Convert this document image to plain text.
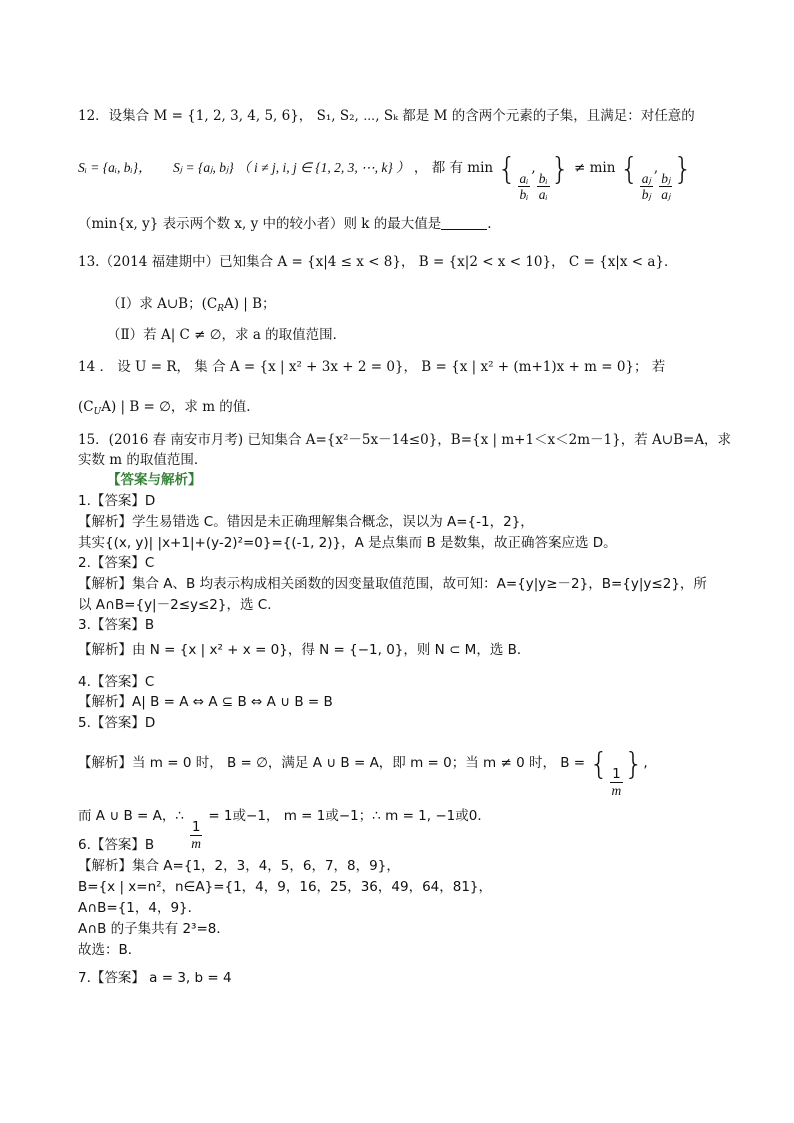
12．设集合 M = {1, 2, 3, 4, 5, 6}， S₁, S₂, ⋯, Sₖ 都是 M 的含两个元素的子集，且满足：对任意的
Sᵢ = {aᵢ, bᵢ}， Sⱼ = {aⱼ, bⱼ} （ i ≠ j, i, j ∈ {1, 2, 3, ⋯, k} ） ， 都 有 min { $\frac{\text{aᵢ}}{\text{bᵢ}}$
,
$\frac{\text{bᵢ}}{\text{aᵢ}}$ } ≠ min { $\frac{\text{aⱼ}}{\text{bⱼ}}$
,
$\frac{\text{bⱼ}}{\text{aⱼ}}$ }
（min{x, y} 表示两个数 x, y 中的较小者）则 k 的最大值是	.
13.（2014 福建期中）已知集合 A = {x|4 ≤ x < 8}， B = {x|2 < x < 10}， C = {x|x < a}．
（Ⅰ）求 A∪B；$(C_RA)$ | B；
（Ⅱ）若 A| C ≠ ∅，求 a 的取值范围．
14 ． 设 U = R， 集 合 A = {x | x² + 3x + 2 = 0}， B = {x | x² + (m+1)x + m = 0}； 若
$(C_UA)$ | B = ∅，求 m 的值.
15．(2016 春 南安市月考) 已知集合 A={x²－5x－14≤0}，B={x | m+1＜x＜2m－1}，若 A∪B=A，求
实数 m 的取值范围．
【答案与解析】
1.【答案】D
【解析】学生易错选 C。错因是未正确理解集合概念，误以为 A={-1，2}，
其实{(x, y)| |x+1|+(y-2)²=0}={(-1, 2)}，A 是点集而 B 是数集，故正确答案应选 D。
2.【答案】C
【解析】集合 A、B 均表示构成相关函数的因变量取值范围，故可知：A={y|y≥－2}，B={y|y≤2}，所
以 A∩B={y|－2≤y≤2}，选 C．
3.【答案】B
【解析】由 N = {x | x² + x = 0}，得 N = {−1, 0}，则 N ⊂ M，选 B．
4.【答案】C
【解析】A| B = A ⇔ A ⊆ B ⇔ A ∪ B = B
5.【答案】D
【解析】当 m = 0 时， B = ∅，满足 A ∪ B = A，即 m = 0；当 m ≠ 0 时， B = {
$\frac{1}{m}$
},
而 A ∪ B = A，∴
$\frac{1}{m}$
= 1或−1， m = 1或−1；∴ m = 1, −1或0．
6.【答案】B
【解析】集合 A={1，2，3，4，5，6，7，8，9}，
B={x | x=n²，n∈A}={1，4，9，16，25，36，49，64，81}，
A∩B={1，4，9}．
A∩B 的子集共有 2³=8．
故选：B．
7.【答案】 a = 3, b = 4
